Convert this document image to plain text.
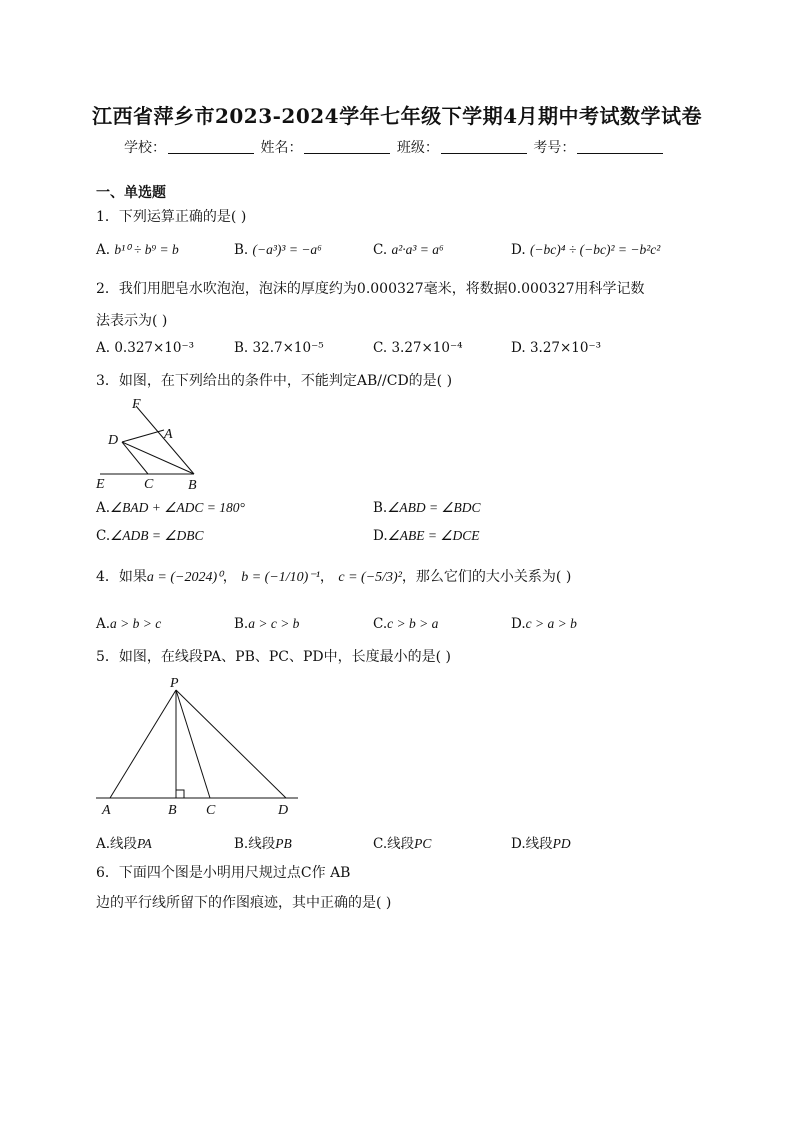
江西省萍乡市2023-2024学年七年级下学期4月期中考试数学试卷
学校：	姓名：	班级：	考号：
一、单选题
1．下列运算正确的是( )
A. b¹⁰ ÷ b⁹ = b	B. (−a³)³ = −a⁶	C. a²·a³ = a⁶	D. (−bc)⁴ ÷ (−bc)² = −b²c²
2．我们用肥皂水吹泡泡，泡沫的厚度约为0.000327毫米，将数据0.000327用科学记数
法表示为( )
A. 0.327×10⁻³	B. 32.7×10⁻⁵	C. 3.27×10⁻⁴	D. 3.27×10⁻³
3．如图，在下列给出的条件中，不能判定AB//CD的是( )
F
D	A
E	C B
A.∠BAD + ∠ADC = 180°	B.∠ABD = ∠BDC
C.∠ADB = ∠DBC	D.∠ABE = ∠DCE
4．如果a = (−2024)⁰， b = (−1/10)⁻¹， c = (−5/3)²，那么它们的大小关系为( )
A.a > b > c	B.a > c > b	C.c > b > a	D.c > a > b
5．如图，在线段PA、PB、PC、PD中，长度最小的是( )
P
A	B C	D
A.线段PA	B.线段PB	C.线段PC	D.线段PD
6．下面四个图是小明用尺规过点C作 AB
边的平行线所留下的作图痕迹，其中正确的是( )
